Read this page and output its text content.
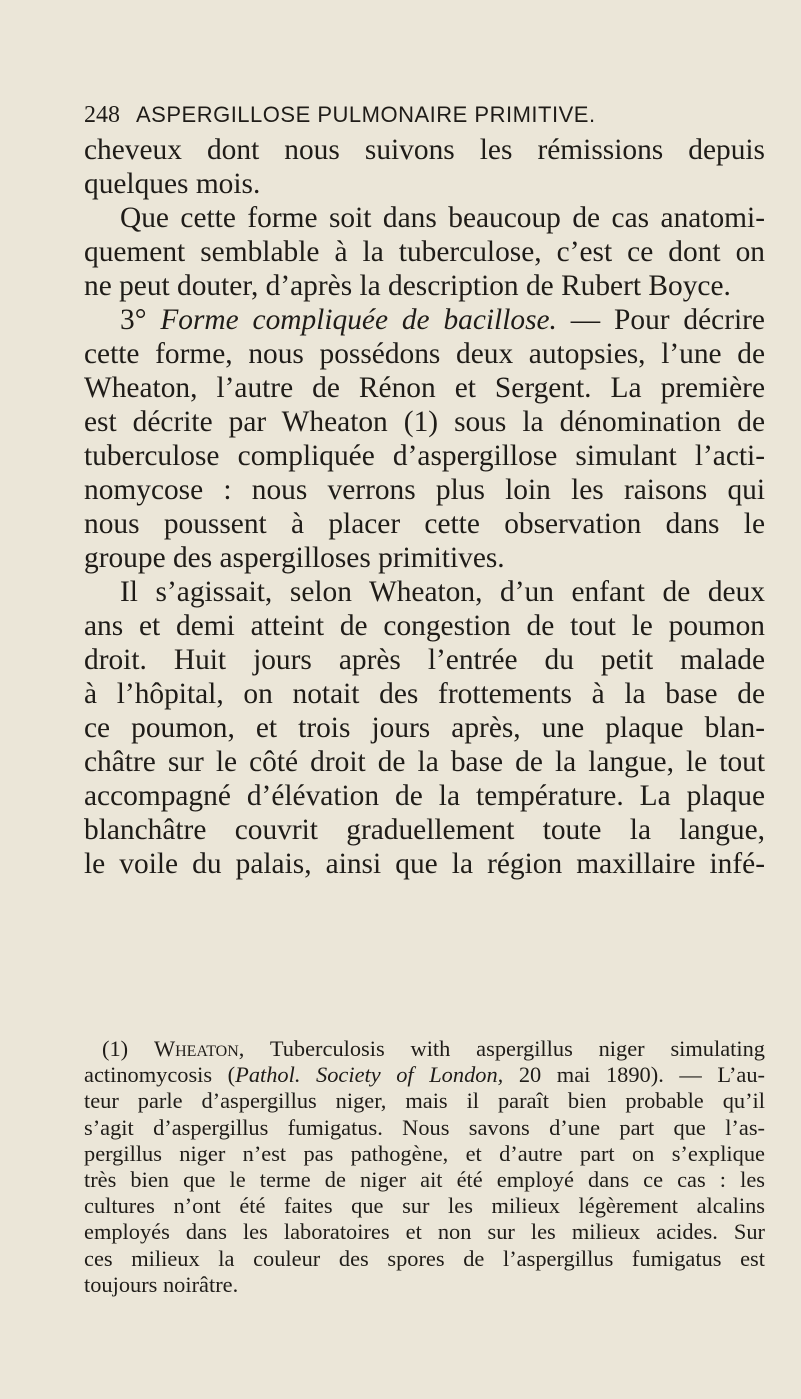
248 ASPERGILLOSE PULMONAIRE PRIMITIVE.
cheveux dont nous suivons les rémissions depuis
quelques mois.
Que cette forme soit dans beaucoup de cas anatomi-
quement semblable à la tuberculose, c’est ce dont on
ne peut douter, d’après la description de Rubert Boyce.
3° Forme compliquée de bacillose. — Pour décrire
cette forme, nous possédons deux autopsies, l’une de
Wheaton, l’autre de Rénon et Sergent. La première
est décrite par Wheaton (1) sous la dénomination de
tuberculose compliquée d’aspergillose simulant l’acti-
nomycose : nous verrons plus loin les raisons qui
nous poussent à placer cette observation dans le
groupe des aspergilloses primitives.
Il s’agissait, selon Wheaton, d’un enfant de deux
ans et demi atteint de congestion de tout le poumon
droit. Huit jours après l’entrée du petit malade
à l’hôpital, on notait des frottements à la base de
ce poumon, et trois jours après, une plaque blan-
châtre sur le côté droit de la base de la langue, le tout
accompagné d’élévation de la température. La plaque
blanchâtre couvrit graduellement toute la langue,
le voile du palais, ainsi que la région maxillaire infé-
(1) Wheaton, Tuberculosis with aspergillus niger simulating
actinomycosis (Pathol. Society of London, 20 mai 1890). — L’au-
teur parle d’aspergillus niger, mais il paraît bien probable qu’il
s’agit d’aspergillus fumigatus. Nous savons d’une part que l’as-
pergillus niger n’est pas pathogène, et d’autre part on s’explique
très bien que le terme de niger ait été employé dans ce cas : les
cultures n’ont été faites que sur les milieux légèrement alcalins
employés dans les laboratoires et non sur les milieux acides. Sur
ces milieux la couleur des spores de l’aspergillus fumigatus est
toujours noirâtre.
